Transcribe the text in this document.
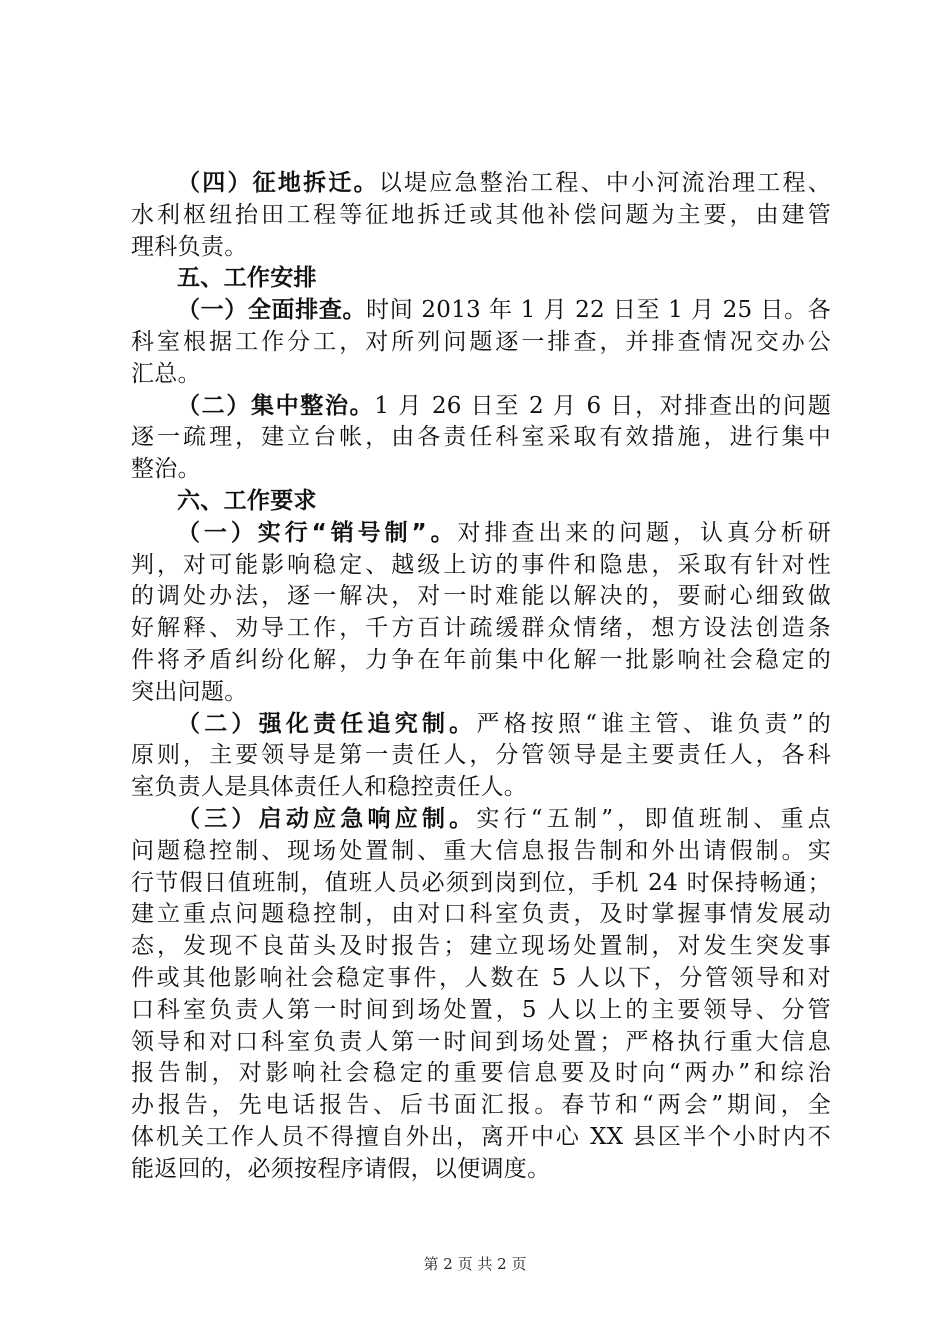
（四）征地拆迁。以堤应急整治工程、中小河流治理工程、
水利枢纽抬田工程等征地拆迁或其他补偿问题为主要，由建管
理科负责。
五、工作安排
（一）全面排查。时间 2013 年 1 月 22 日至 1 月 25 日。各
科室根据工作分工，对所列问题逐一排查，并排查情况交办公
汇总。
（二）集中整治。1 月 26 日至 2 月 6 日，对排查出的问题
逐一疏理，建立台帐，由各责任科室采取有效措施，进行集中
整治。
六、工作要求
（一）实行“销号制”。对排查出来的问题，认真分析研
判，对可能影响稳定、越级上访的事件和隐患，采取有针对性
的调处办法，逐一解决，对一时难能以解决的，要耐心细致做
好解释、劝导工作，千方百计疏缓群众情绪，想方设法创造条
件将矛盾纠纷化解，力争在年前集中化解一批影响社会稳定的
突出问题。
（二）强化责任追究制。严格按照“谁主管、谁负责”的
原则，主要领导是第一责任人，分管领导是主要责任人，各科
室负责人是具体责任人和稳控责任人。
（三）启动应急响应制。实行“五制”，即值班制、重点
问题稳控制、现场处置制、重大信息报告制和外出请假制。实
行节假日值班制，值班人员必须到岗到位，手机 24 时保持畅通；
建立重点问题稳控制，由对口科室负责，及时掌握事情发展动
态，发现不良苗头及时报告；建立现场处置制，对发生突发事
件或其他影响社会稳定事件，人数在 5 人以下，分管领导和对
口科室负责人第一时间到场处置，5 人以上的主要领导、分管
领导和对口科室负责人第一时间到场处置；严格执行重大信息
报告制，对影响社会稳定的重要信息要及时向“两办”和综治
办报告，先电话报告、后书面汇报。春节和“两会”期间，全
体机关工作人员不得擅自外出，离开中心 XX 县区半个小时内不
能返回的，必须按程序请假，以便调度。
第 2 页 共 2 页
